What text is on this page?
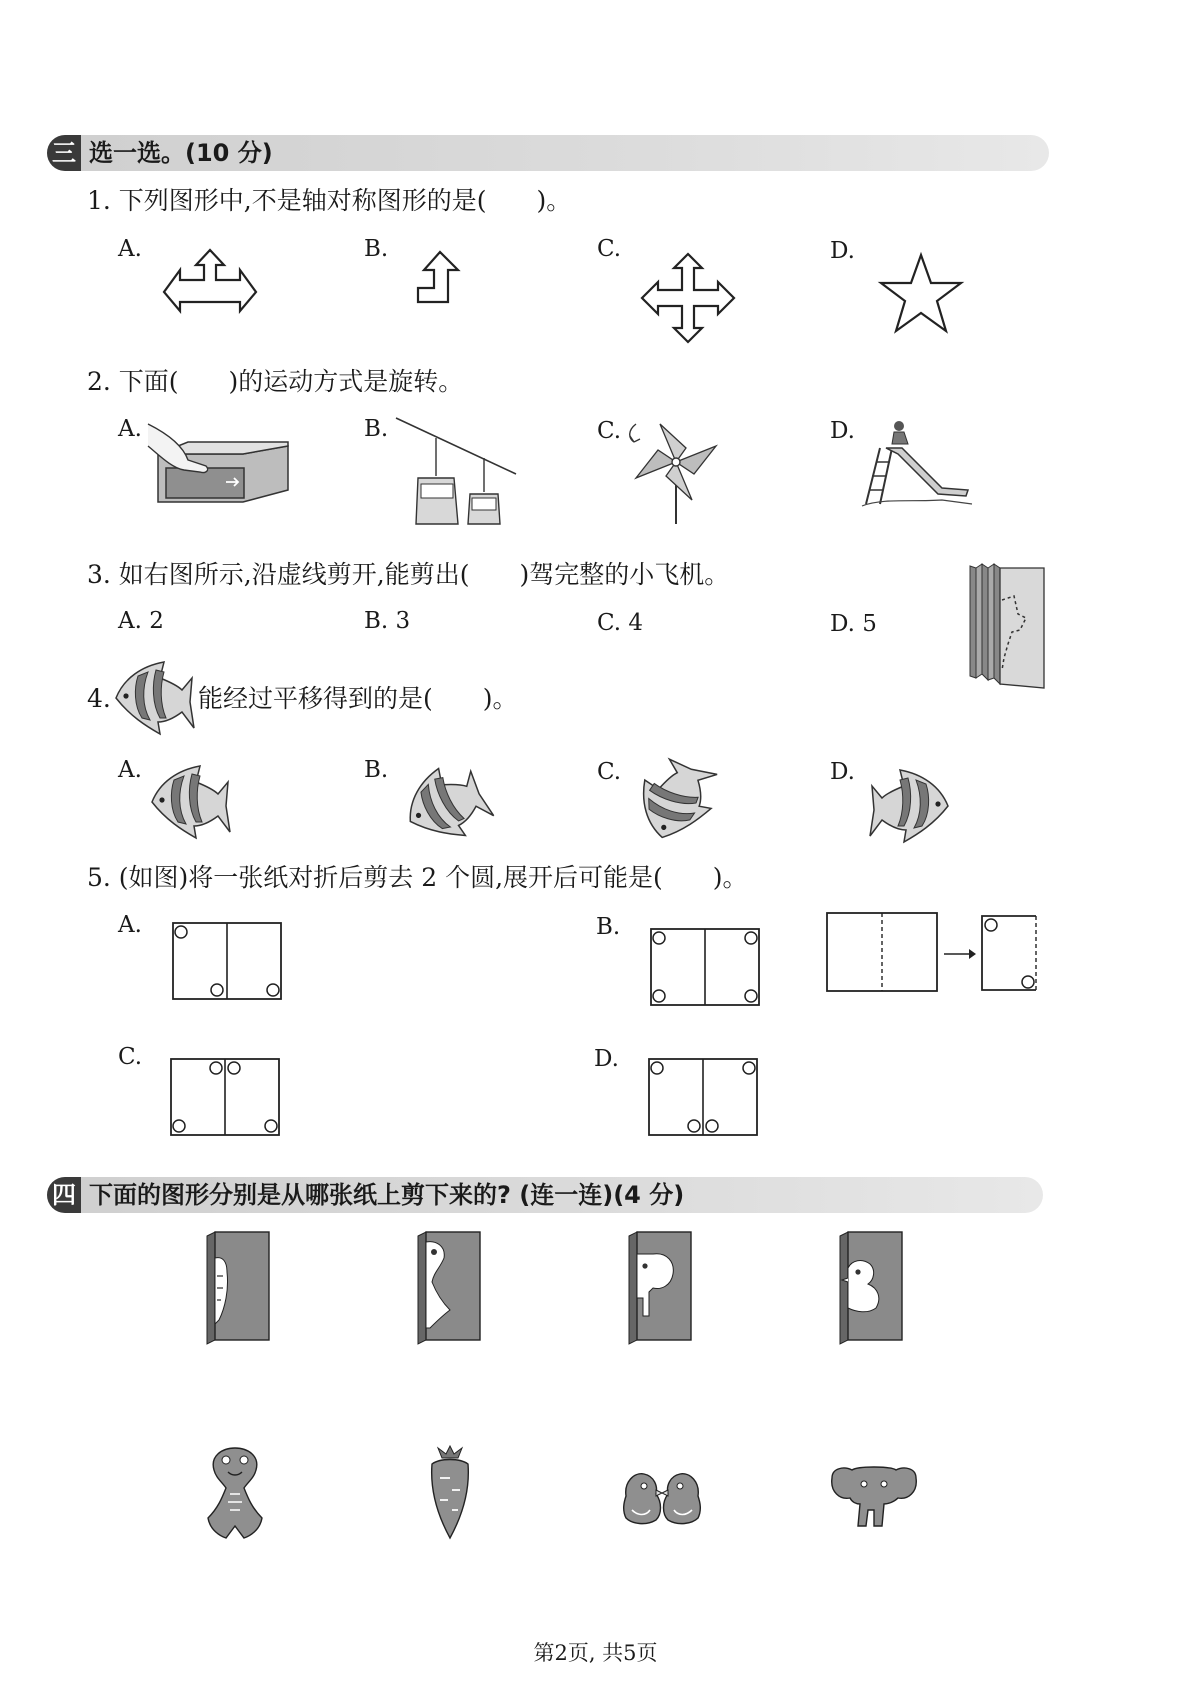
三 选一选。(10 分)
1. 下列图形中,不是轴对称图形的是(　　)。
A.	B.	C.	D.
2. 下面(　　)的运动方式是旋转。
A.	B.	C.	D.
3. 如右图所示,沿虚线剪开,能剪出(　　)驾完整的小飞机。
A. 2	B. 3	C. 4	D. 5
4.	能经过平移得到的是(　　)。
A.	B.	C.	D.
5. (如图)将一张纸对折后剪去 2 个圆,展开后可能是(　　)。
A.	B.
C.	D.
四 下面的图形分别是从哪张纸上剪下来的? (连一连)(4 分)
第2页, 共5页
